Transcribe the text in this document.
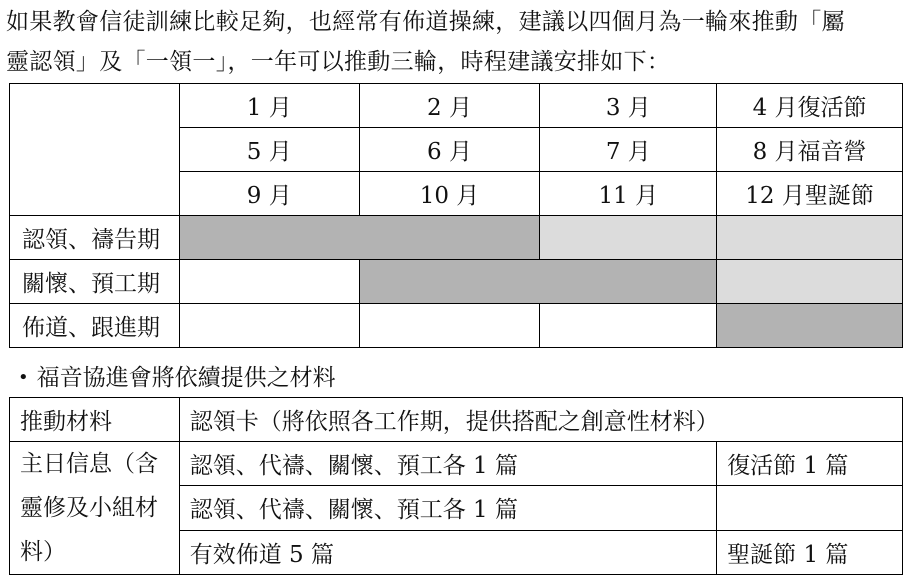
如果教會信徒訓練比較足夠，也經常有佈道操練，建議以四個月為一輪來推動「屬

靈認領」及「一領一」，一年可以推動三輪，時程建議安排如下：

	1 月	2 月	3 月	4 月復活節
	5 月	6 月	7 月	8 月福音營
	9 月	10 月	11 月	12 月聖誕節
認領、禱告期				
關懷、預工期				
佈道、跟進期				
• 福音協進會將依續提供之材料
推動材料	認領卡（將依照各工作期，提供搭配之創意性材料）	
主日信息（含靈修及小組材料）	認領、代禱、關懷、預工各 1 篇	復活節 1 篇
	認領、代禱、關懷、預工各 1 篇	
	有效佈道 5 篇	聖誕節 1 篇
